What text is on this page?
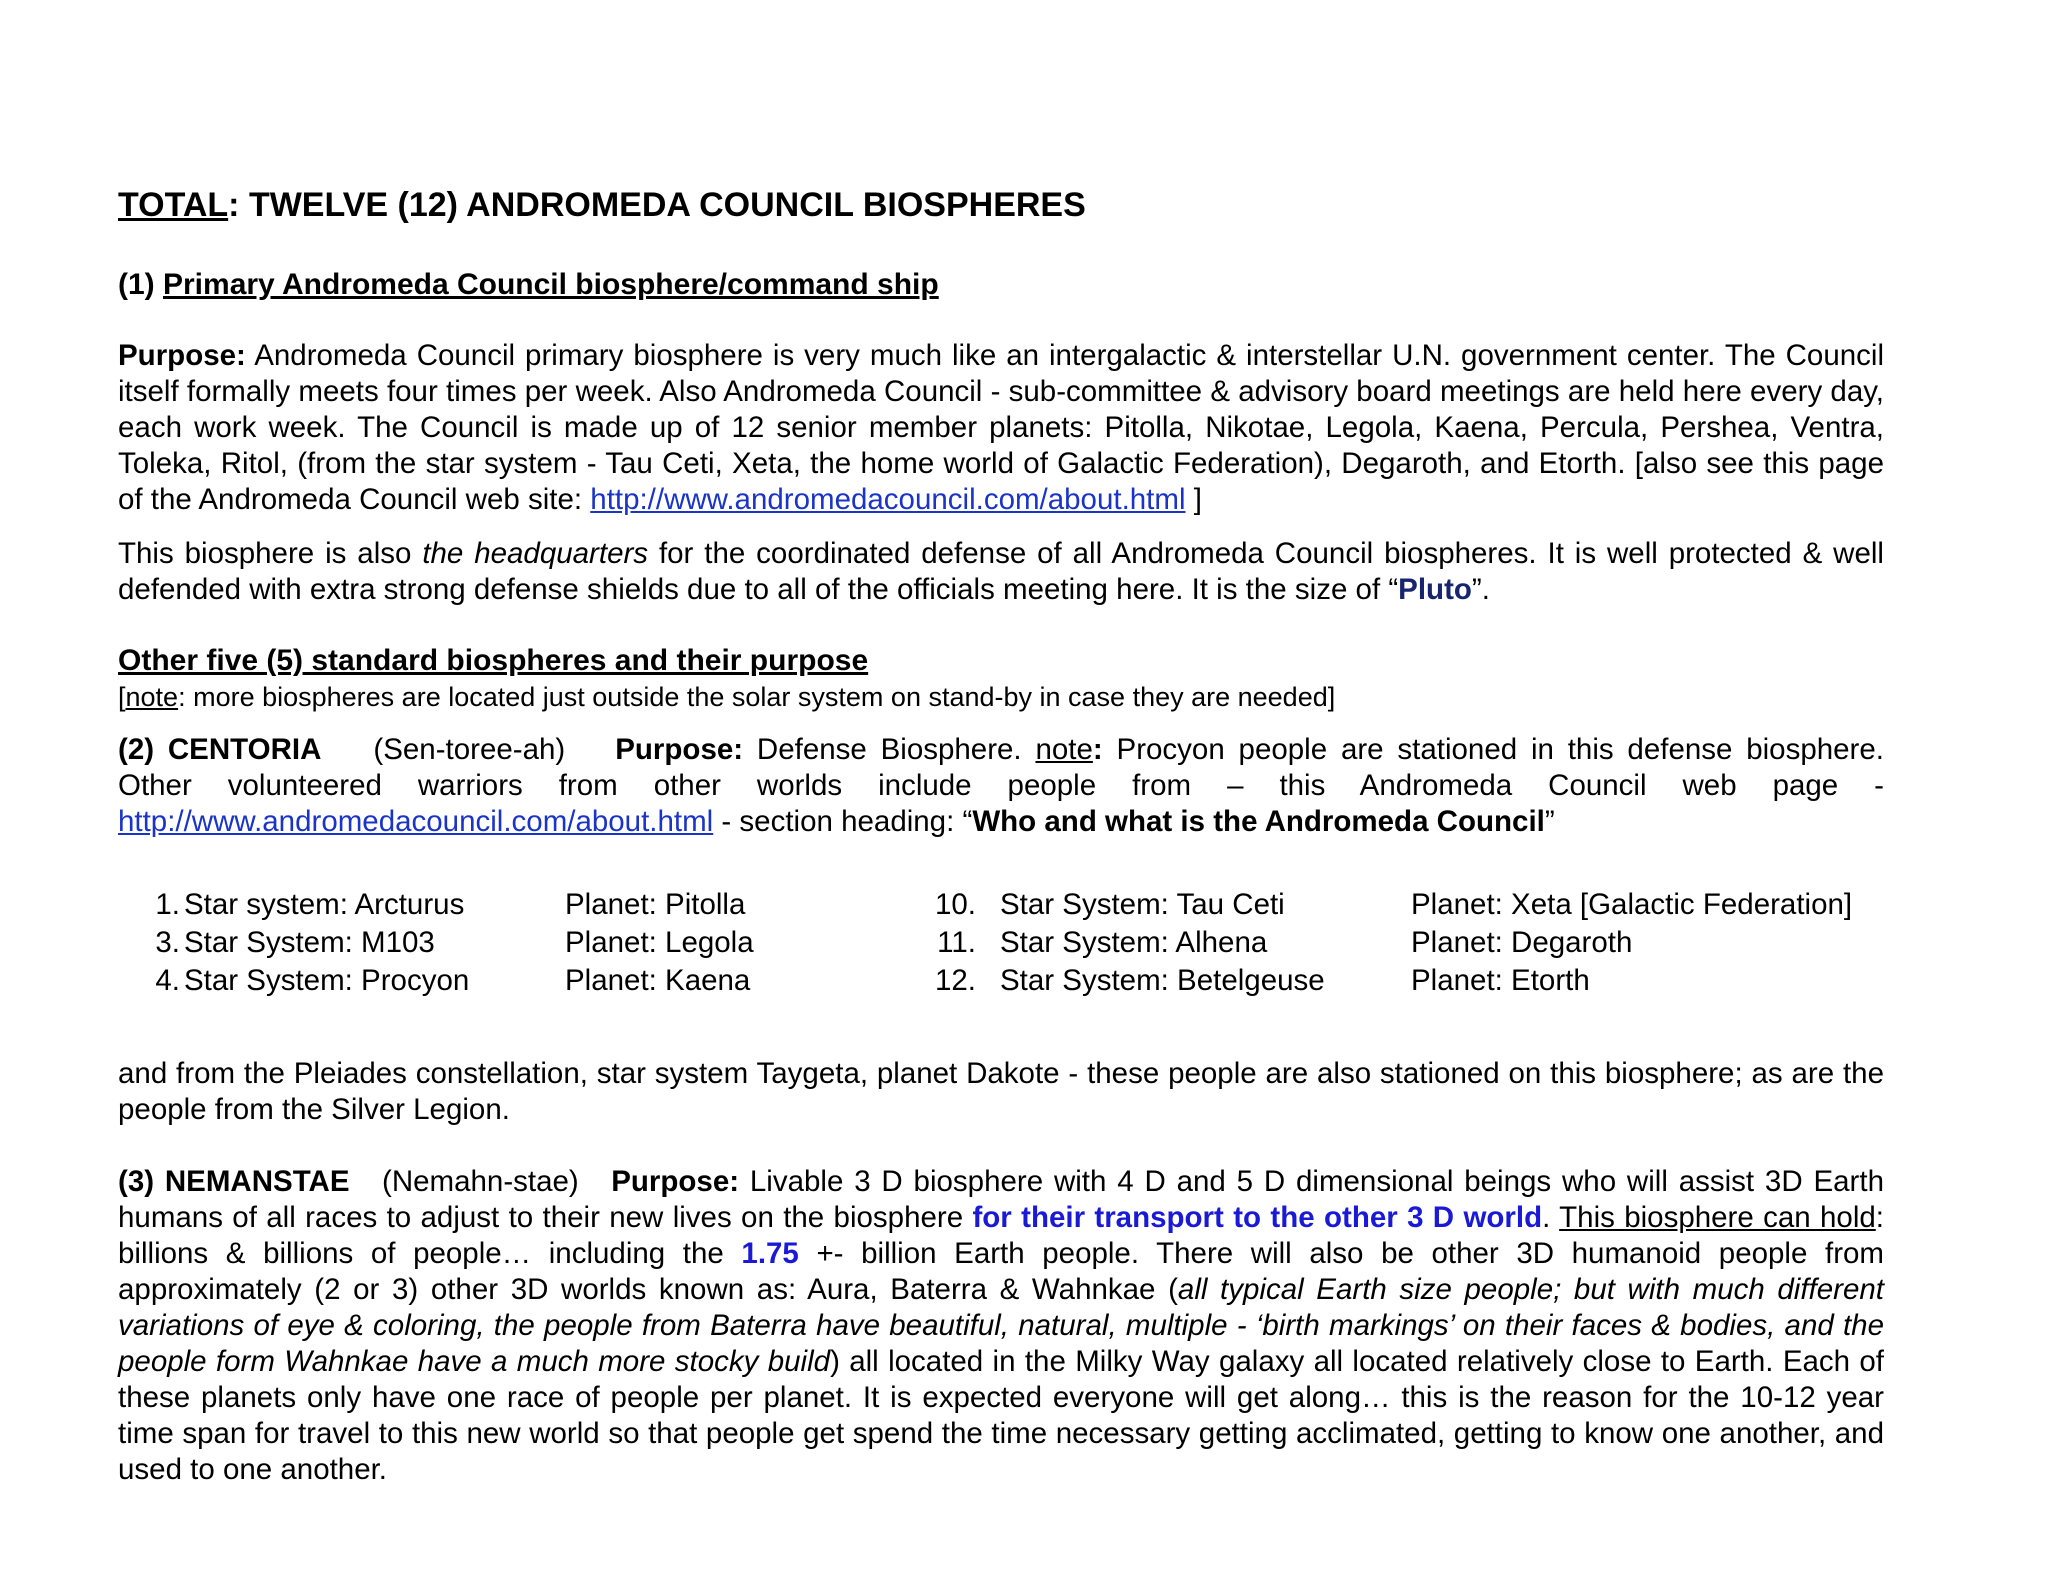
TOTAL: TWELVE (12) ANDROMEDA COUNCIL BIOSPHERES
(1) Primary Andromeda Council biosphere/command ship
Purpose: Andromeda Council primary biosphere is very much like an intergalactic & interstellar U.N. government center. The Council itself formally meets four times per week. Also Andromeda Council - sub-committee & advisory board meetings are held here every day, each work week. The Council is made up of 12 senior member planets: Pitolla, Nikotae, Legola, Kaena, Percula, Pershea, Ventra, Toleka, Ritol, (from the star system - Tau Ceti, Xeta, the home world of Galactic Federation), Degaroth, and Etorth. [also see this page of the Andromeda Council web site: http://www.andromedacouncil.com/about.html ]
This biosphere is also the headquarters for the coordinated defense of all Andromeda Council biospheres. It is well protected & well defended with extra strong defense shields due to all of the officials meeting here. It is the size of “Pluto”.
Other five (5) standard biospheres and their purpose
[note: more biospheres are located just outside the solar system on stand-by in case they are needed]
(2) CENTORIA (Sen-toree-ah) Purpose: Defense Biosphere. note: Procyon people are stationed in this defense biosphere. Other volunteered warriors from other worlds include people from – this Andromeda Council web page - http://www.andromedacouncil.com/about.html - section heading: “Who and what is the Andromeda Council”
1. Star system: Arcturus	Planet: Pitolla	10. Star System: Tau Ceti	Planet: Xeta [Galactic Federation]
3. Star System: M103	Planet: Legola	11. Star System: Alhena	Planet: Degaroth
4. Star System: Procyon	Planet: Kaena	12. Star System: Betelgeuse	Planet: Etorth
and from the Pleiades constellation, star system Taygeta, planet Dakote - these people are also stationed on this biosphere; as are the people from the Silver Legion.
(3) NEMANSTAE   (Nemahn-stae)   Purpose: Livable 3 D biosphere with 4 D and 5 D dimensional beings who will assist 3D Earth humans of all races to adjust to their new lives on the biosphere for their transport to the other 3 D world. This biosphere can hold: billions & billions of people… including the 1.75 +- billion Earth people. There will also be other 3D humanoid people from approximately (2 or 3) other 3D worlds known as: Aura, Baterra & Wahnkae (all typical Earth size people; but with much different variations of eye & coloring, the people from Baterra have beautiful, natural, multiple - ‘birth markings’ on their faces & bodies, and the people form Wahnkae have a much more stocky build) all located in the Milky Way galaxy all located relatively close to Earth. Each of these planets only have one race of people per planet. It is expected everyone will get along… this is the reason for the 10-12 year time span for travel to this new world so that people get spend the time necessary getting acclimated, getting to know one another, and used to one another.
